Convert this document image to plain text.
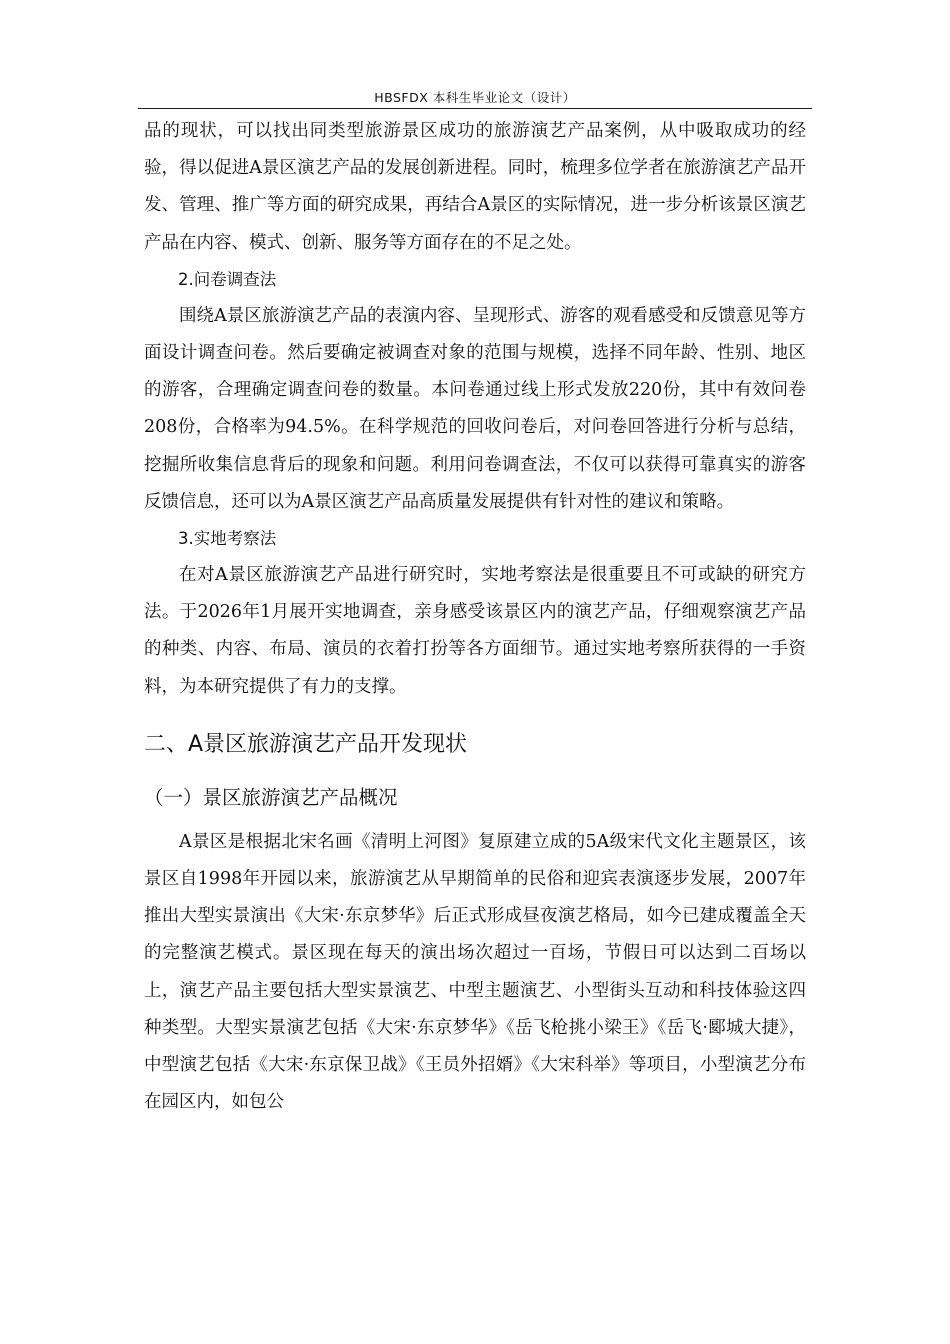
HBSFDX 本科生毕业论文（设计）

品的现状，可以找出同类型旅游景区成功的旅游演艺产品案例，从中吸取成功的经验，得以促进A景区演艺产品的发展创新进程。同时，梳理多位学者在旅游演艺产品开发、管理、推广等方面的研究成果，再结合A景区的实际情况，进一步分析该景区演艺产品在内容、模式、创新、服务等方面存在的不足之处。

2.问卷调查法

围绕A景区旅游演艺产品的表演内容、呈现形式、游客的观看感受和反馈意见等方面设计调查问卷。然后要确定被调查对象的范围与规模，选择不同年龄、性别、地区的游客，合理确定调查问卷的数量。本问卷通过线上形式发放220份，其中有效问卷208份，合格率为94.5%。在科学规范的回收问卷后，对问卷回答进行分析与总结，挖掘所收集信息背后的现象和问题。利用问卷调查法，不仅可以获得可靠真实的游客反馈信息，还可以为A景区演艺产品高质量发展提供有针对性的建议和策略。

3.实地考察法

在对A景区旅游演艺产品进行研究时，实地考察法是很重要且不可或缺的研究方法。于2026年1月展开实地调查，亲身感受该景区内的演艺产品，仔细观察演艺产品的种类、内容、布局、演员的衣着打扮等各方面细节。通过实地考察所获得的一手资料，为本研究提供了有力的支撑。

二、A景区旅游演艺产品开发现状
（一）景区旅游演艺产品概况

A景区是根据北宋名画《清明上河图》复原建立成的5A级宋代文化主题景区，该景区自1998年开园以来，旅游演艺从早期简单的民俗和迎宾表演逐步发展，2007年推出大型实景演出《大宋·东京梦华》后正式形成昼夜演艺格局，如今已建成覆盖全天的完整演艺模式。景区现在每天的演出场次超过一百场，节假日可以达到二百场以上，演艺产品主要包括大型实景演艺、中型主题演艺、小型街头互动和科技体验这四种类型。大型实景演艺包括《大宋·东京梦华》《岳飞枪挑小梁王》《岳飞·郾城大捷》，中型演艺包括《大宋·东京保卫战》《王员外招婿》《大宋科举》等项目，小型演艺分布在园区内，如包公
